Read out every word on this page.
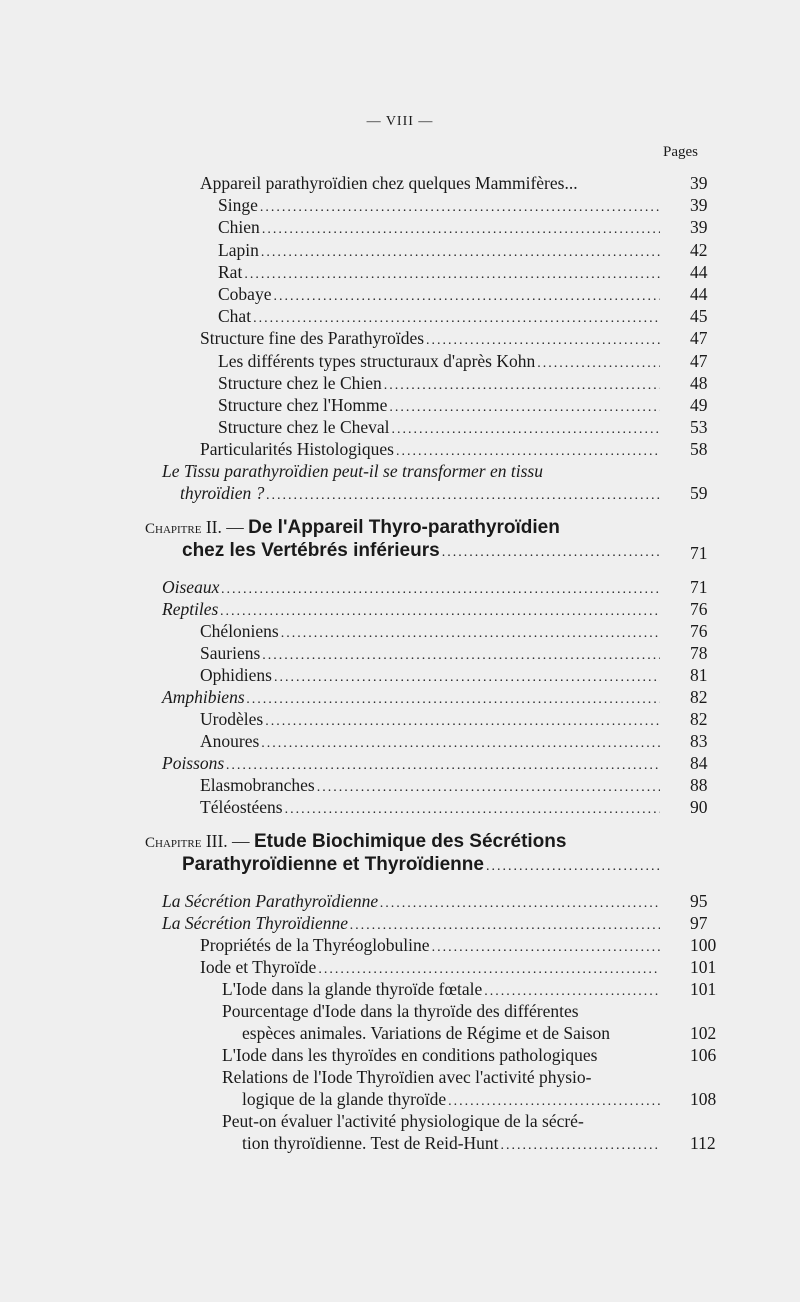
— VIII —
Pages
Appareil parathyroïdien chez quelques Mammifères...	39
Singe .....	39
Chien .....	39
Lapin .....	42
Rat .....	44
Cobaye .....	44
Chat .....	45
Structure fine des Parathyroïdes .....	47
Les différents types structuraux d'après Kohn .....	47
Structure chez le Chien .....	48
Structure chez l'Homme .....	49
Structure chez le Cheval .....	53
Particularités Histologiques .....	58
Le Tissu parathyroïdien peut-il se transformer en tissu
thyroïdien ? .....	59
Chapitre II. — De l'Appareil Thyro-parathyroïdien
chez les Vertébrés inférieurs .....	71
Oiseaux .....	71
Reptiles .....	76
Chéloniens .....	76
Sauriens .....	78
Ophidiens .....	81
Amphibiens .....	82
Urodèles .....	82
Anoures .....	83
Poissons .....	84
Elasmobranches .....	88
Téléostéens .....	90
Chapitre III. — Etude Biochimique des Sécrétions
Parathyroïdienne et Thyroïdienne
.....
La Sécrétion Parathyroïdienne .....	95
La Sécrétion Thyroïdienne .....	97
Propriétés de la Thyréoglobuline .....	100
Iode et Thyroïde .....	101
L'Iode dans la glande thyroïde fœtale .....	101
Pourcentage d'Iode dans la thyroïde des différentes
espèces animales. Variations de Régime et de Saison	102
L'Iode dans les thyroïdes en conditions pathologiques	106
Relations de l'Iode Thyroïdien avec l'activité physio-
logique de la glande thyroïde .....	108
Peut-on évaluer l'activité physiologique de la sécré-
tion thyroïdienne. Test de Reid-Hunt .....	112
